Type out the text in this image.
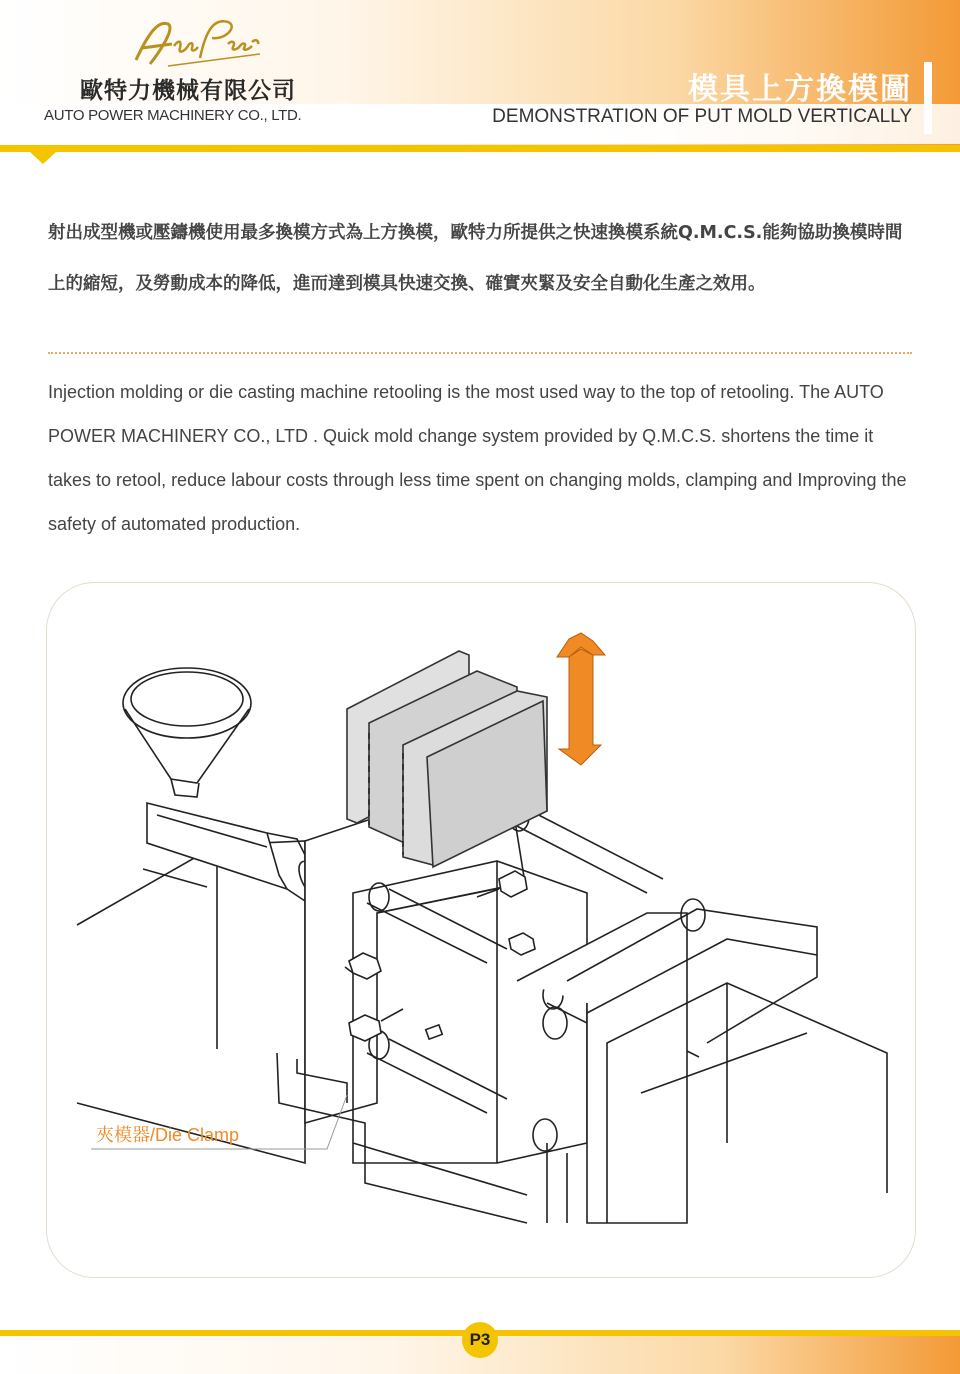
歐特力機械有限公司
AUTO POWER MACHINERY CO., LTD.
模具上方換模圖
DEMONSTRATION OF PUT MOLD VERTICALLY
射出成型機或壓鑄機使用最多換模方式為上方換模，歐特力所提供之快速換模系統Q.M.C.S.能夠協助換模時間上的縮短，及勞動成本的降低，進而達到模具快速交換、確實夾緊及安全自動化生產之效用。
Injection molding or die casting machine retooling is the most used way to the top of retooling. The AUTO POWER MACHINERY CO., LTD . Quick mold change system provided by Q.M.C.S. shortens the time it takes to retool, reduce labour costs through less time spent on changing molds, clamping and Improving the safety of automated production.
夾模器/Die Clamp
P3
